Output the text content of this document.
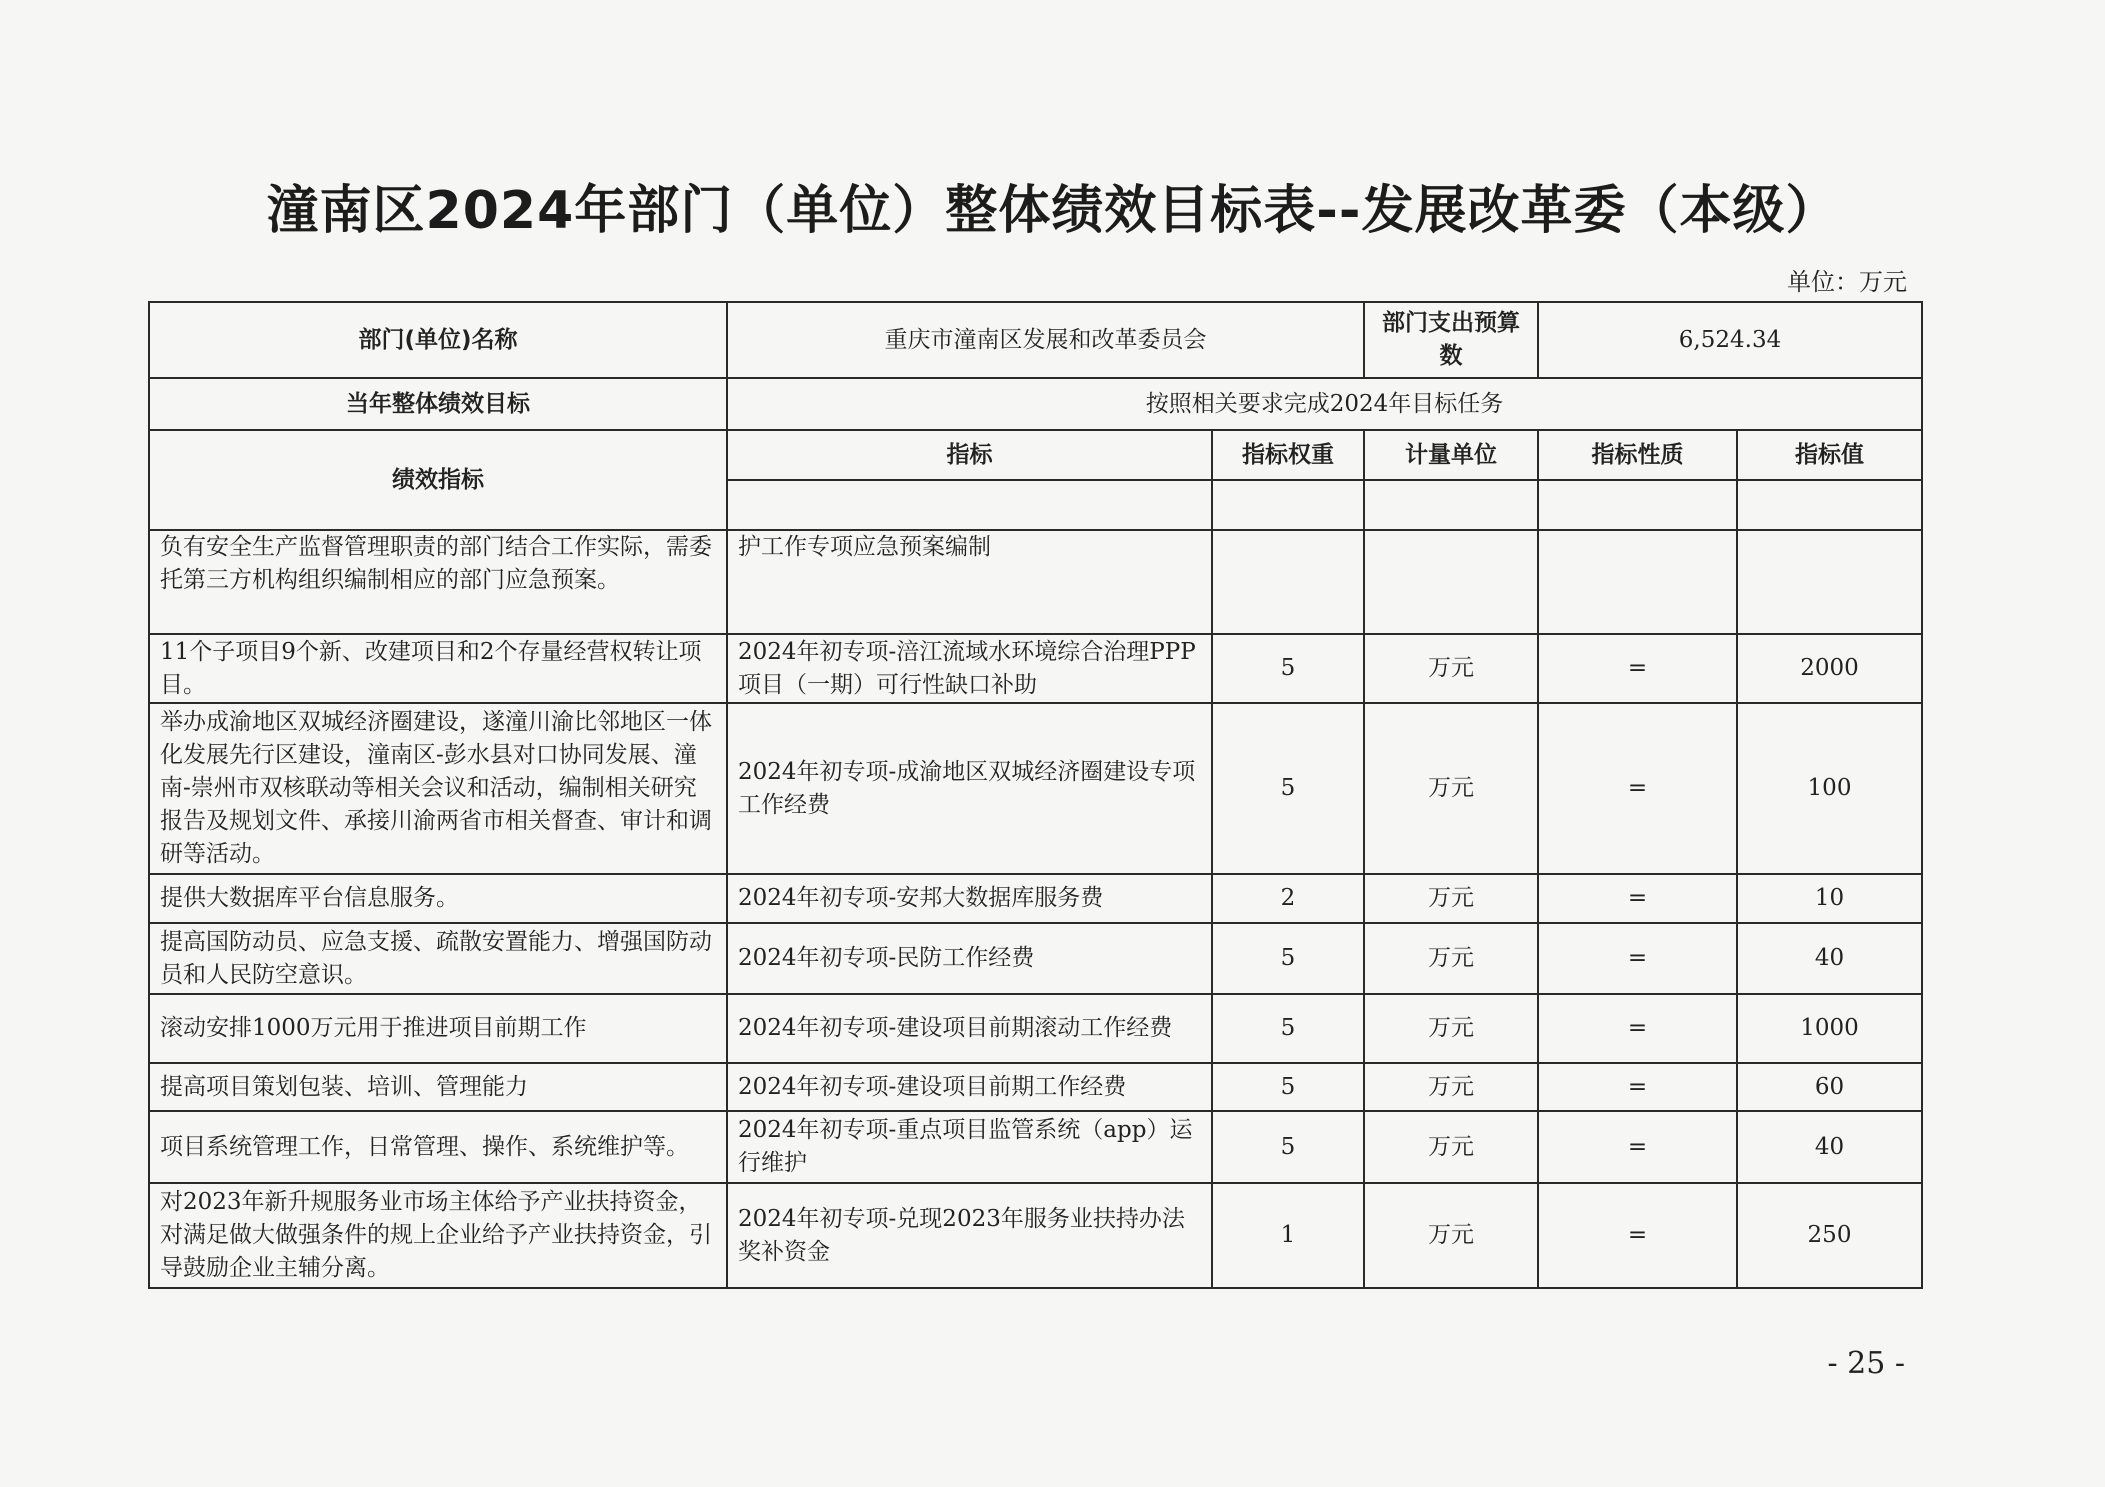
潼南区2024年部门（单位）整体绩效目标表--发展改革委（本级）
单位：万元
部门(单位)名称	重庆市潼南区发展和改革委员会		部门支出预算数	6,524.34	
当年整体绩效目标	按照相关要求完成2024年目标任务				
绩效指标	指标	指标权重	计量单位	指标性质	指标值

负有安全生产监督管理职责的部门结合工作实际，需委托第三方机构组织编制相应的部门应急预案。	护工作专项应急预案编制				
11个子项目9个新、改建项目和2个存量经营权转让项目。	2024年初专项-涪江流域水环境综合治理PPP项目（一期）可行性缺口补助	5	万元	=	2000
举办成渝地区双城经济圈建设，遂潼川渝比邻地区一体化发展先行区建设，潼南区-彭水县对口协同发展、潼南-崇州市双核联动等相关会议和活动，编制相关研究报告及规划文件、承接川渝两省市相关督查、审计和调研等活动。	2024年初专项-成渝地区双城经济圈建设专项工作经费	5	万元	=	100
提供大数据库平台信息服务。	2024年初专项-安邦大数据库服务费	2	万元	=	10
提高国防动员、应急支援、疏散安置能力、增强国防动员和人民防空意识。	2024年初专项-民防工作经费	5	万元	=	40
滚动安排1000万元用于推进项目前期工作	2024年初专项-建设项目前期滚动工作经费	5	万元	=	1000
提高项目策划包装、培训、管理能力	2024年初专项-建设项目前期工作经费	5	万元	=	60
项目系统管理工作，日常管理、操作、系统维护等。	2024年初专项-重点项目监管系统（app）运行维护	5	万元	=	40
对2023年新升规服务业市场主体给予产业扶持资金，对满足做大做强条件的规上企业给予产业扶持资金，引导鼓励企业主辅分离。	2024年初专项-兑现2023年服务业扶持办法奖补资金	1	万元	=	250
- 25 -
